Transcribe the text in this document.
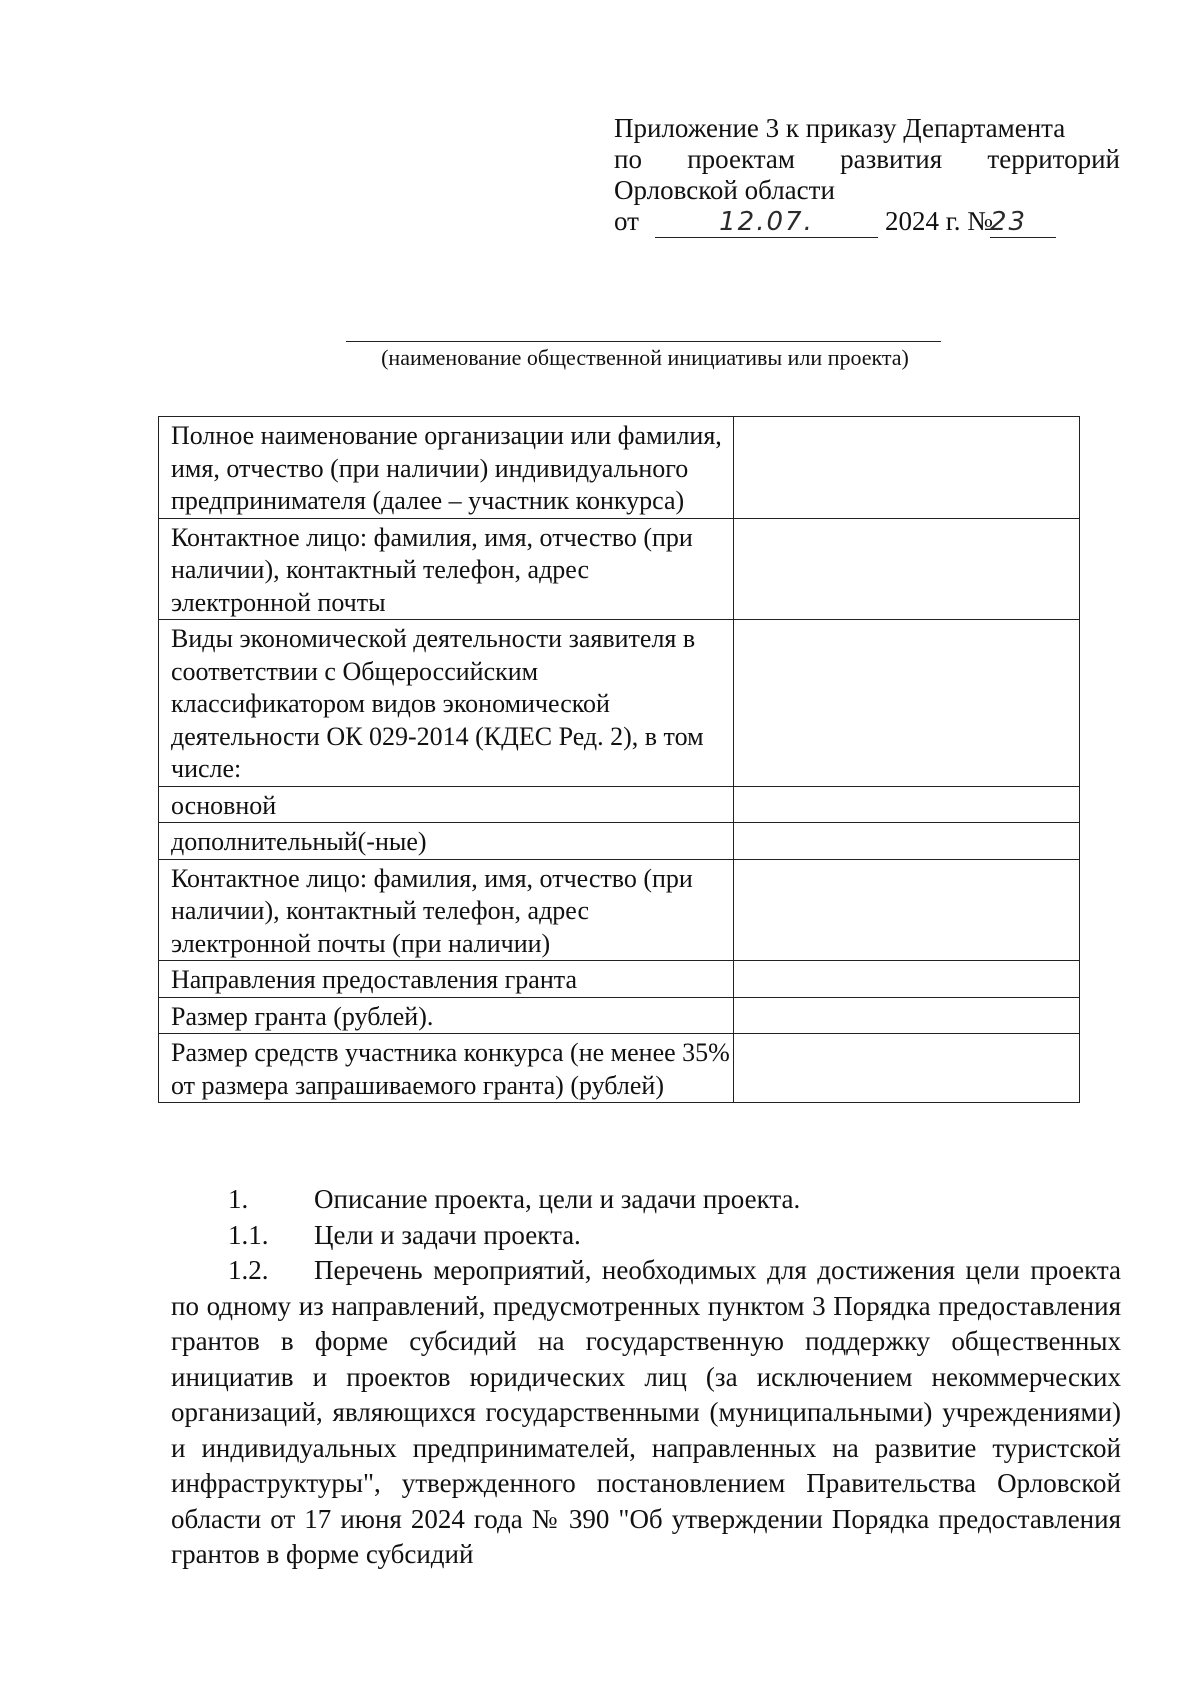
Приложение 3 к приказу Департамента
по проектам развития территорий
Орловской области
от	12.07.	2024 г. №
23
(наименование общественной инициативы или проекта)
Полное наименование организации или фамилия, имя, отчество (при наличии) индивидуального предпринимателя (далее – участник конкурса)	
Контактное лицо: фамилия, имя, отчество (при наличии), контактный телефон, адрес электронной почты	
Виды экономической деятельности заявителя в соответствии с Общероссийским классификатором видов экономической деятельности ОК 029-2014 (КДЕС Ред. 2), в том числе:	
основной	
дополнительный(-ные)	
Контактное лицо: фамилия, имя, отчество (при наличии), контактный телефон, адрес электронной почты (при наличии)	
Направления предоставления гранта	
Размер гранта (рублей).	
Размер средств участника конкурса (не менее 35% от размера запрашиваемого гранта) (рублей)	
1.	Описание проекта, цели и задачи проекта.
1.1.	Цели и задачи проекта.
1.2. Перечень мероприятий, необходимых для достижения цели проекта по одному из направлений, предусмотренных пунктом 3 Порядка предоставления грантов в форме субсидий на государственную поддержку общественных инициатив и проектов юридических лиц (за исключением некоммерческих организаций, являющихся государственными (муниципальными) учреждениями) и индивидуальных предпринимателей, направленных на развитие туристской инфраструктуры", утвержденного постановлением Правительства Орловской области от 17 июня 2024 года № 390 "Об утверждении Порядка предоставления грантов в форме субсидий
